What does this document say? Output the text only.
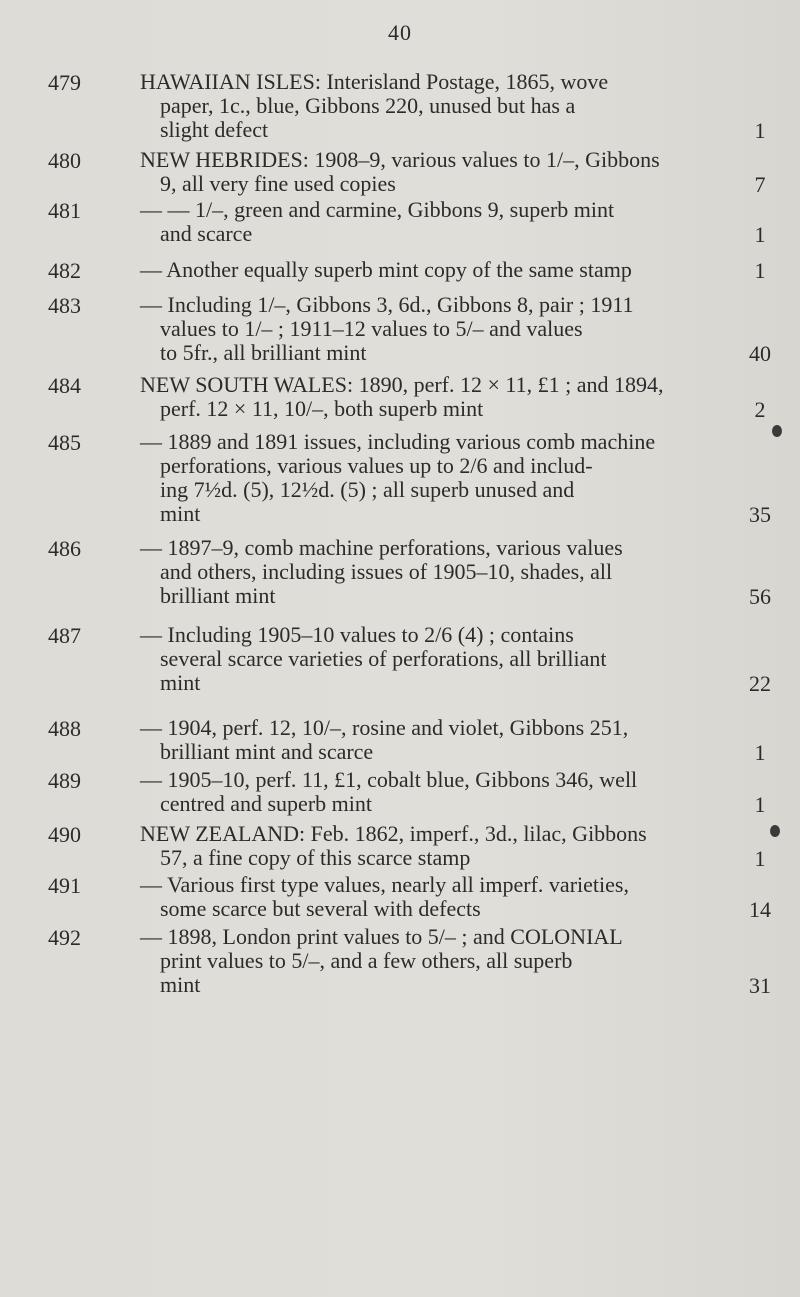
40
479	HAWAIIAN ISLES: Interisland Postage, 1865, wove
paper, 1c., blue, Gibbons 220, unused but has a
slight defect	1
480	NEW HEBRIDES: 1908–9, various values to 1/–, Gibbons
9, all very fine used copies	7
481	— — 1/–, green and carmine, Gibbons 9, superb mint
and scarce	1
482	— Another equally superb mint copy of the same stamp	1
483	— Including 1/–, Gibbons 3, 6d., Gibbons 8, pair ; 1911
values to 1/– ; 1911–12 values to 5/– and values
to 5fr., all brilliant mint	40
484	NEW SOUTH WALES: 1890, perf. 12 × 11, £1 ; and 1894,
perf. 12 × 11, 10/–, both superb mint	2
485	— 1889 and 1891 issues, including various comb machine
perforations, various values up to 2/6 and includ-
ing 7½d. (5), 12½d. (5) ; all superb unused and
mint	35
486	— 1897–9, comb machine perforations, various values
and others, including issues of 1905–10, shades, all
brilliant mint	56
487	— Including 1905–10 values to 2/6 (4) ; contains
several scarce varieties of perforations, all brilliant
mint	22
488	— 1904, perf. 12, 10/–, rosine and violet, Gibbons 251,
brilliant mint and scarce	1
489	— 1905–10, perf. 11, £1, cobalt blue, Gibbons 346, well
centred and superb mint	1
490	NEW ZEALAND: Feb. 1862, imperf., 3d., lilac, Gibbons
57, a fine copy of this scarce stamp	1
491	— Various first type values, nearly all imperf. varieties,
some scarce but several with defects	14
492	— 1898, London print values to 5/– ; and COLONIAL
print values to 5/–, and a few others, all superb
mint	31
